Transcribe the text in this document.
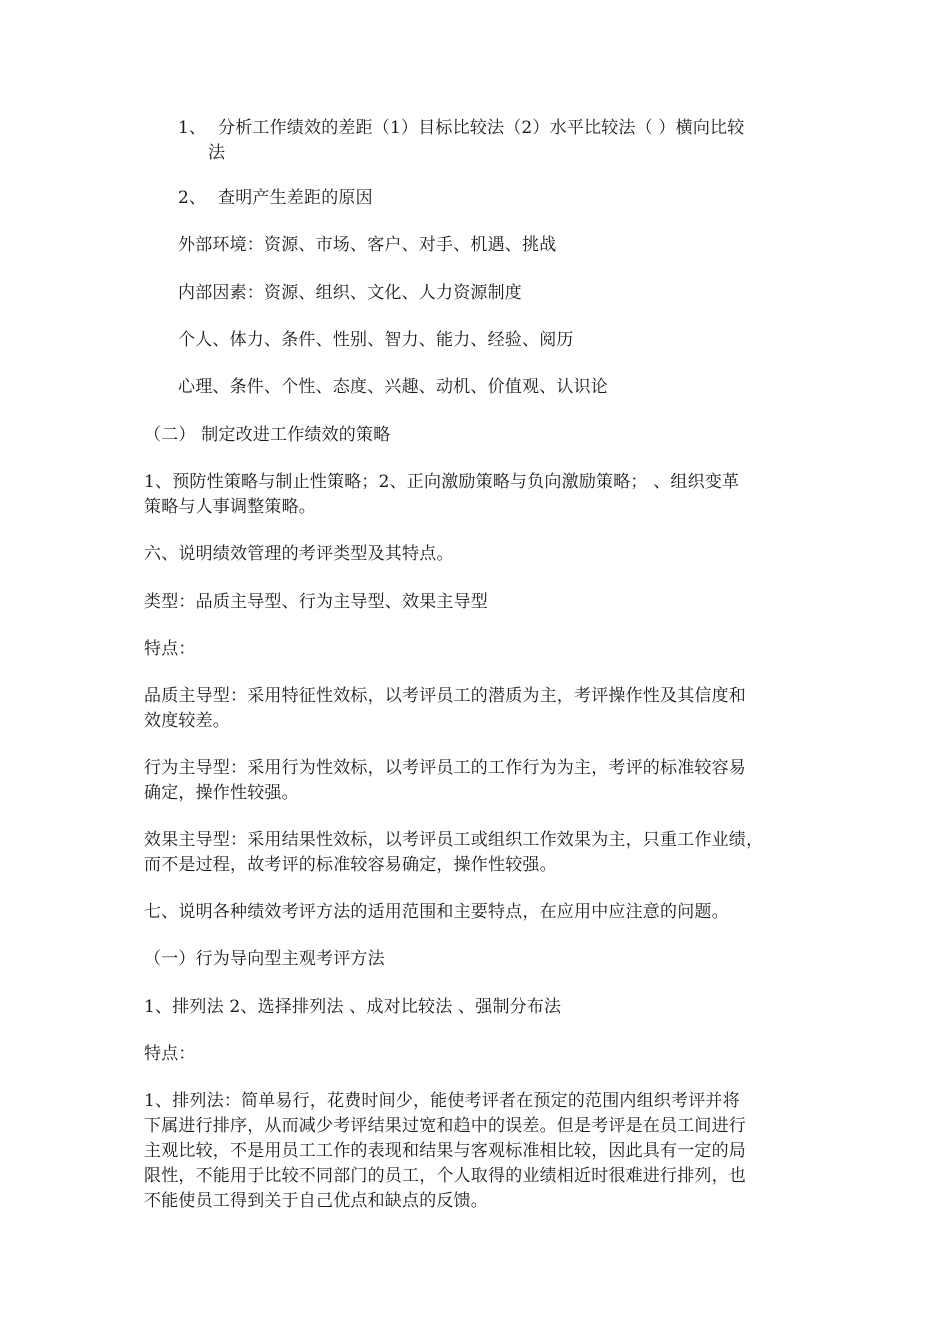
1、 分析工作绩效的差距（1）目标比较法（2）水平比较法（ ）横向比较
法
2、 查明产生差距的原因
外部环境：资源、市场、客户、对手、机遇、挑战
内部因素：资源、组织、文化、人力资源制度
个人、体力、条件、性别、智力、能力、经验、阅历
心理、条件、个性、态度、兴趣、动机、价值观、认识论
（二） 制定改进工作绩效的策略
1、预防性策略与制止性策略；2、正向激励策略与负向激励策略； 、组织变革
策略与人事调整策略。
六、说明绩效管理的考评类型及其特点。
类型：品质主导型、行为主导型、效果主导型
特点：
品质主导型：采用特征性效标，以考评员工的潜质为主，考评操作性及其信度和
效度较差。
行为主导型：采用行为性效标，以考评员工的工作行为为主，考评的标准较容易
确定，操作性较强。
效果主导型：采用结果性效标，以考评员工或组织工作效果为主，只重工作业绩，
而不是过程，故考评的标准较容易确定，操作性较强。
七、说明各种绩效考评方法的适用范围和主要特点，在应用中应注意的问题。
（一）行为导向型主观考评方法
1、排列法 2、选择排列法 、成对比较法 、强制分布法
特点：
1、排列法：简单易行，花费时间少，能使考评者在预定的范围内组织考评并将
下属进行排序，从而减少考评结果过宽和趋中的误差。但是考评是在员工间进行
主观比较，不是用员工工作的表现和结果与客观标准相比较，因此具有一定的局
限性，不能用于比较不同部门的员工，个人取得的业绩相近时很难进行排列，也
不能使员工得到关于自己优点和缺点的反馈。
